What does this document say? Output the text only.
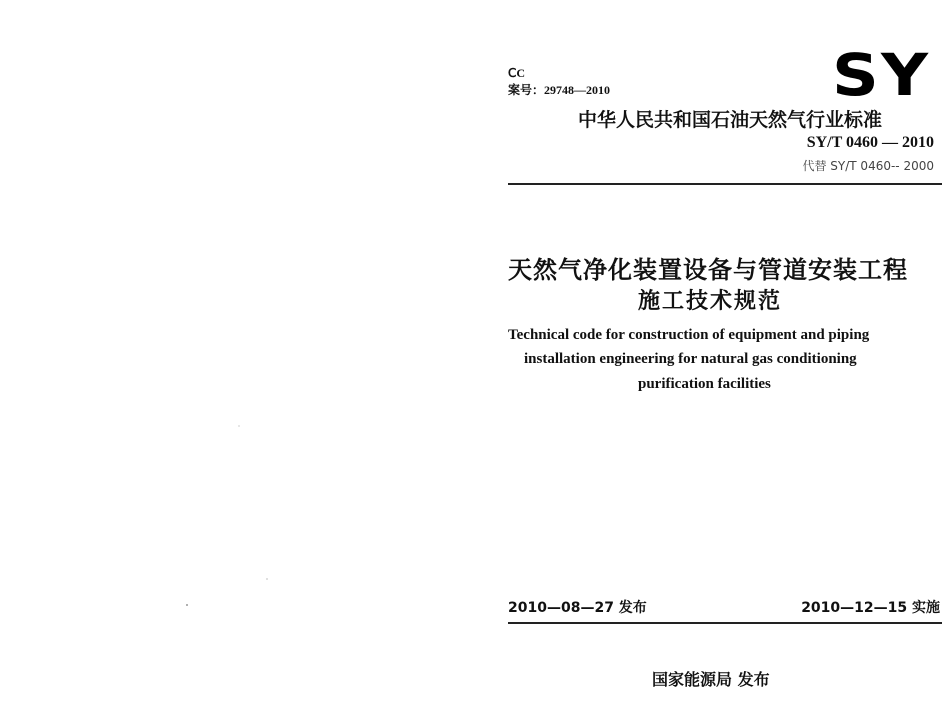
ⅭC
案号：29748—2010	SY
中华人民共和国石油天然气行业标准
SY/T 0460 — 2010
代替 SY/T 0460-- 2000
天然气净化装置设备与管道安装工程
施工技术规范
Technical code for construction of equipment and piping
installation engineering for natural gas conditioning
purification facilities
2010—08—27 发布	2010—12—15 实施
国家能源局 发布
